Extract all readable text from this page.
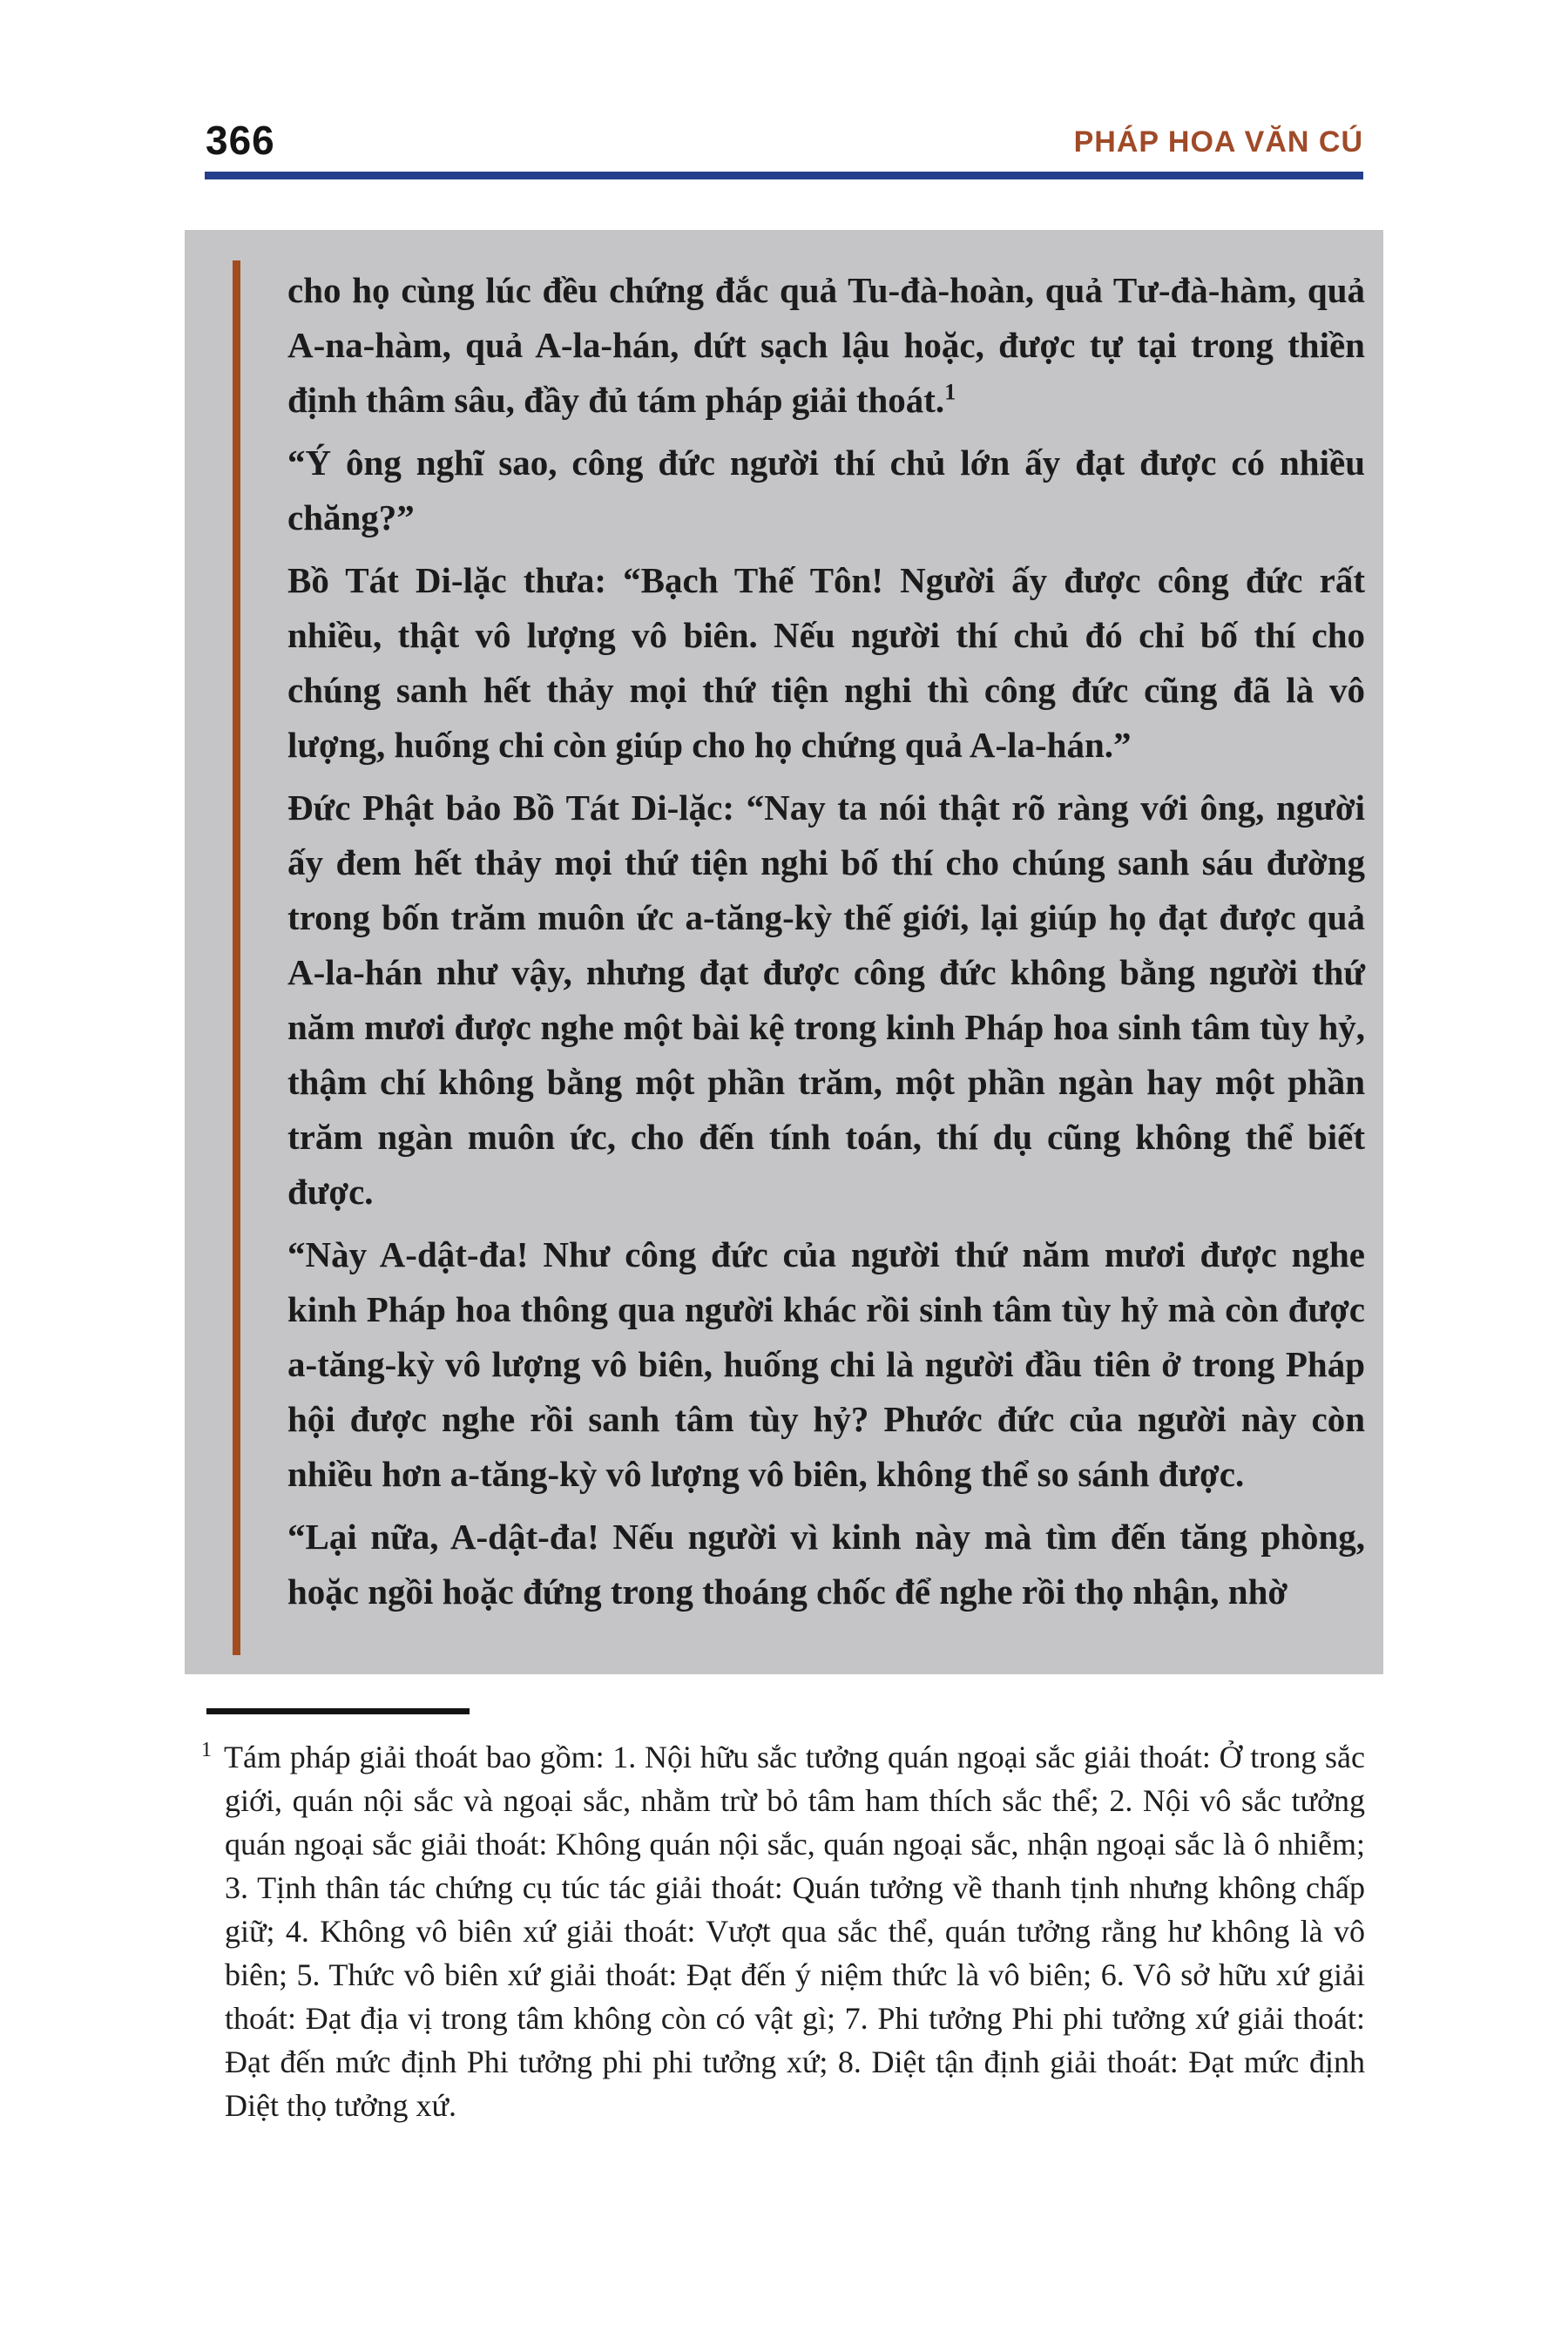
366	PHÁP HOA VĂN CÚ

cho họ cùng lúc đều chứng đắc quả Tu-đà-hoàn, quả Tư-đà-hàm, quả A-na-hàm, quả A-la-hán, dứt sạch lậu hoặc, được tự tại trong thiền định thâm sâu, đầy đủ tám pháp giải thoát.$^1$

“Ý ông nghĩ sao, công đức người thí chủ lớn ấy đạt được có nhiều chăng?”

Bồ Tát Di-lặc thưa: “Bạch Thế Tôn! Người ấy được công đức rất nhiều, thật vô lượng vô biên. Nếu người thí chủ đó chỉ bố thí cho chúng sanh hết thảy mọi thứ tiện nghi thì công đức cũng đã là vô lượng, huống chi còn giúp cho họ chứng quả A-la-hán.”

Đức Phật bảo Bồ Tát Di-lặc: “Nay ta nói thật rõ ràng với ông, người ấy đem hết thảy mọi thứ tiện nghi bố thí cho chúng sanh sáu đường trong bốn trăm muôn ức a-tăng-kỳ thế giới, lại giúp họ đạt được quả A-la-hán như vậy, nhưng đạt được công đức không bằng người thứ năm mươi được nghe một bài kệ trong kinh Pháp hoa sinh tâm tùy hỷ, thậm chí không bằng một phần trăm, một phần ngàn hay một phần trăm ngàn muôn ức, cho đến tính toán, thí dụ cũng không thể biết được.

“Này A-dật-đa! Như công đức của người thứ năm mươi được nghe kinh Pháp hoa thông qua người khác rồi sinh tâm tùy hỷ mà còn được a-tăng-kỳ vô lượng vô biên, huống chi là người đầu tiên ở trong Pháp hội được nghe rồi sanh tâm tùy hỷ? Phước đức của người này còn nhiều hơn a-tăng-kỳ vô lượng vô biên, không thể so sánh được.

“Lại nữa, A-dật-đa! Nếu người vì kinh này mà tìm đến tăng phòng, hoặc ngồi hoặc đứng trong thoáng chốc để nghe rồi thọ nhận, nhờ

$^1$ Tám pháp giải thoát bao gồm: 1. Nội hữu sắc tưởng quán ngoại sắc giải thoát: Ở trong sắc giới, quán nội sắc và ngoại sắc, nhằm trừ bỏ tâm ham thích sắc thể; 2. Nội vô sắc tưởng quán ngoại sắc giải thoát: Không quán nội sắc, quán ngoại sắc, nhận ngoại sắc là ô nhiễm; 3. Tịnh thân tác chứng cụ túc tác giải thoát: Quán tưởng về thanh tịnh nhưng không chấp giữ; 4. Không vô biên xứ giải thoát: Vượt qua sắc thể, quán tưởng rằng hư không là vô biên; 5. Thức vô biên xứ giải thoát: Đạt đến ý niệm thức là vô biên; 6. Vô sở hữu xứ giải thoát: Đạt địa vị trong tâm không còn có vật gì; 7. Phi tưởng Phi phi tưởng xứ giải thoát: Đạt đến mức định Phi tưởng phi phi tưởng xứ; 8. Diệt tận định giải thoát: Đạt mức định Diệt thọ tưởng xứ.
